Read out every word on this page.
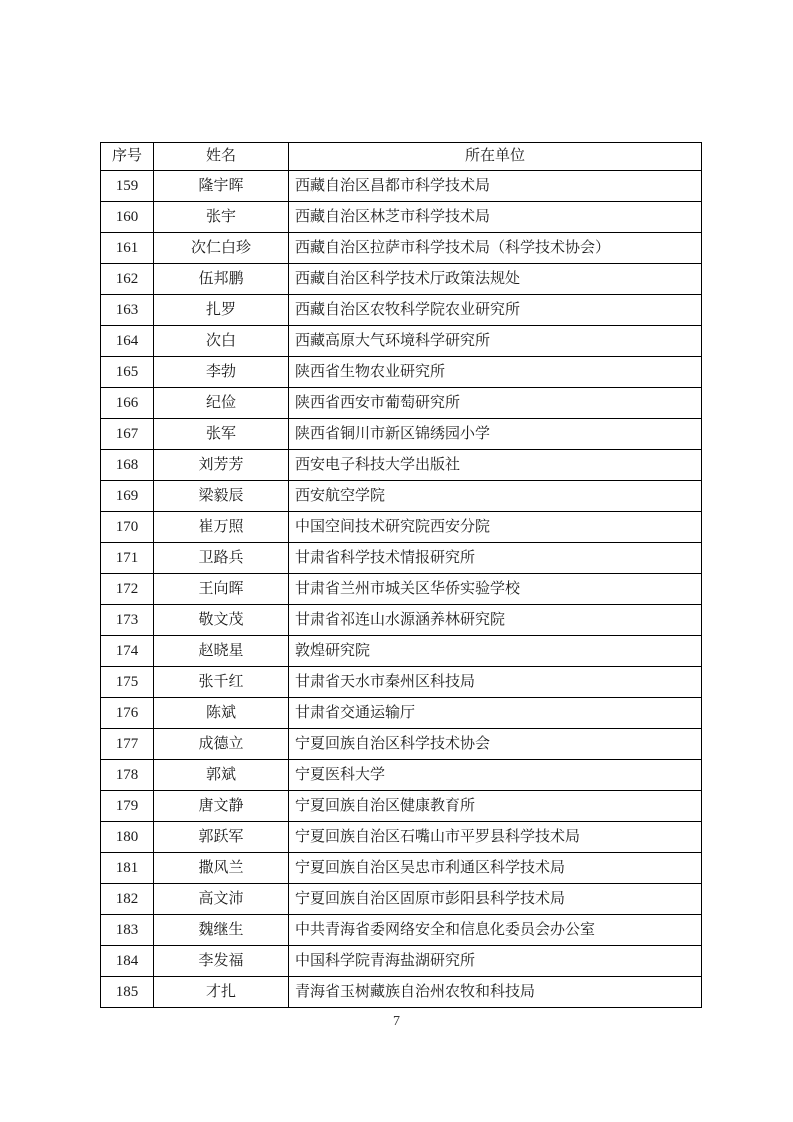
序号	姓名	所在单位
159	隆宇晖	西藏自治区昌都市科学技术局
160	张宇	西藏自治区林芝市科学技术局
161	次仁白珍	西藏自治区拉萨市科学技术局（科学技术协会）
162	伍邦鹏	西藏自治区科学技术厅政策法规处
163	扎罗	西藏自治区农牧科学院农业研究所
164	次白	西藏高原大气环境科学研究所
165	李勃	陕西省生物农业研究所
166	纪俭	陕西省西安市葡萄研究所
167	张军	陕西省铜川市新区锦绣园小学
168	刘芳芳	西安电子科技大学出版社
169	梁毅辰	西安航空学院
170	崔万照	中国空间技术研究院西安分院
171	卫路兵	甘肃省科学技术情报研究所
172	王向晖	甘肃省兰州市城关区华侨实验学校
173	敬文茂	甘肃省祁连山水源涵养林研究院
174	赵晓星	敦煌研究院
175	张千红	甘肃省天水市秦州区科技局
176	陈斌	甘肃省交通运输厅
177	成德立	宁夏回族自治区科学技术协会
178	郭斌	宁夏医科大学
179	唐文静	宁夏回族自治区健康教育所
180	郭跃军	宁夏回族自治区石嘴山市平罗县科学技术局
181	撒风兰	宁夏回族自治区吴忠市利通区科学技术局
182	高文沛	宁夏回族自治区固原市彭阳县科学技术局
183	魏继生	中共青海省委网络安全和信息化委员会办公室
184	李发福	中国科学院青海盐湖研究所
185	才扎	青海省玉树藏族自治州农牧和科技局
7
